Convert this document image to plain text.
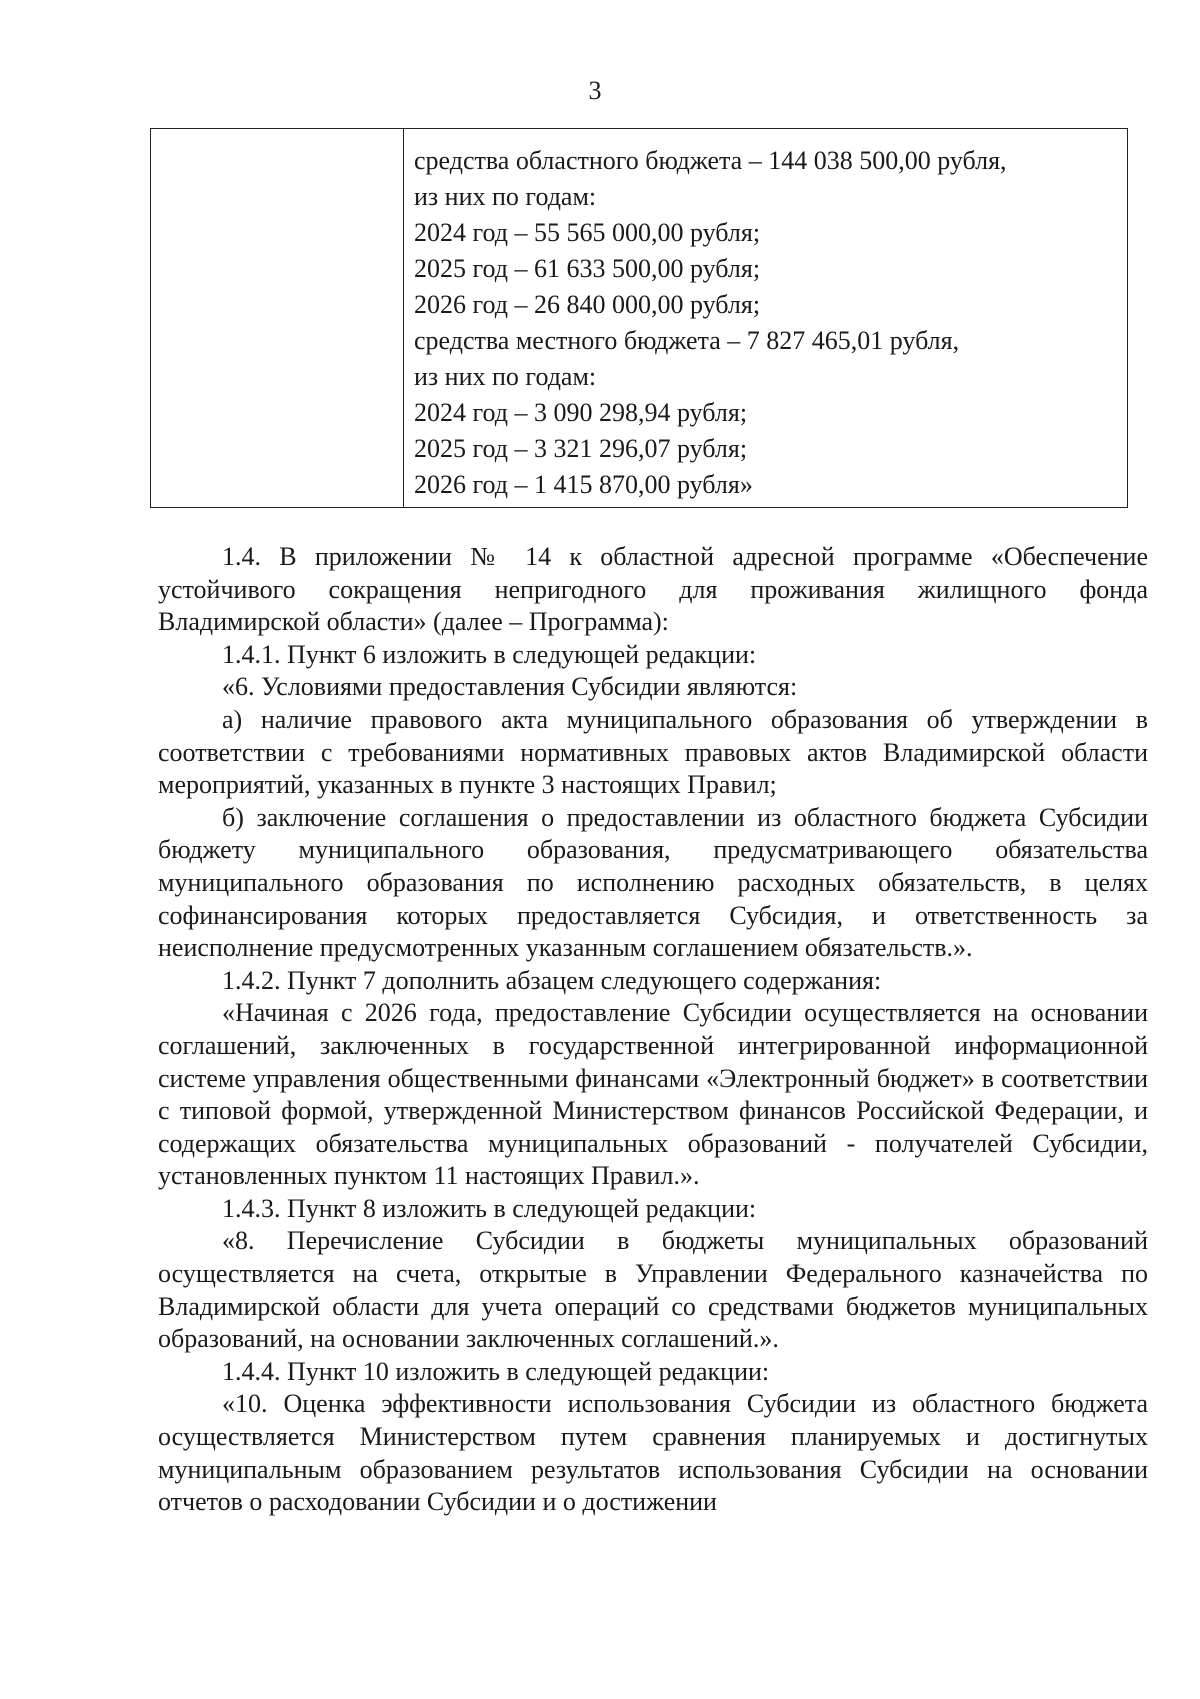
3
средства областного бюджета – 144 038 500,00 рубля,
из них по годам:
2024 год – 55 565 000,00 рубля;
2025 год – 61 633 500,00 рубля;
2026 год – 26 840 000,00 рубля;
средства местного бюджета – 7 827 465,01 рубля,
из них по годам:
2024 год – 3 090 298,94 рубля;
2025 год – 3 321 296,07 рубля;
2026 год – 1 415 870,00 рубля»

1.4. В приложении № 14 к областной адресной программе «Обеспечение устойчивого сокращения непригодного для проживания жилищного фонда Владимирской области» (далее – Программа):

1.4.1. Пункт 6 изложить в следующей редакции:

«6. Условиями предоставления Субсидии являются:

а) наличие правового акта муниципального образования об утверждении в соответствии с требованиями нормативных правовых актов Владимирской области мероприятий, указанных в пункте 3 настоящих Правил;

б) заключение соглашения о предоставлении из областного бюджета Субсидии бюджету муниципального образования, предусматривающего обязательства муниципального образования по исполнению расходных обязательств, в целях софинансирования которых предоставляется Субсидия, и ответственность за неисполнение предусмотренных указанным соглашением обязательств.».

1.4.2. Пункт 7 дополнить абзацем следующего содержания:

«Начиная с 2026 года, предоставление Субсидии осуществляется на основании соглашений, заключенных в государственной интегрированной информационной системе управления общественными финансами «Электронный бюджет» в соответствии с типовой формой, утвержденной Министерством финансов Российской Федерации, и содержащих обязательства муниципальных образований - получателей Субсидии, установленных пунктом 11 настоящих Правил.».

1.4.3. Пункт 8 изложить в следующей редакции:

«8. Перечисление Субсидии в бюджеты муниципальных образований осуществляется на счета, открытые в Управлении Федерального казначейства по Владимирской области для учета операций со средствами бюджетов муниципальных образований, на основании заключенных соглашений.».

1.4.4. Пункт 10 изложить в следующей редакции:

«10. Оценка эффективности использования Субсидии из областного бюджета осуществляется Министерством путем сравнения планируемых и достигнутых муниципальным образованием результатов использования Субсидии на основании отчетов о расходовании Субсидии и о достижении
